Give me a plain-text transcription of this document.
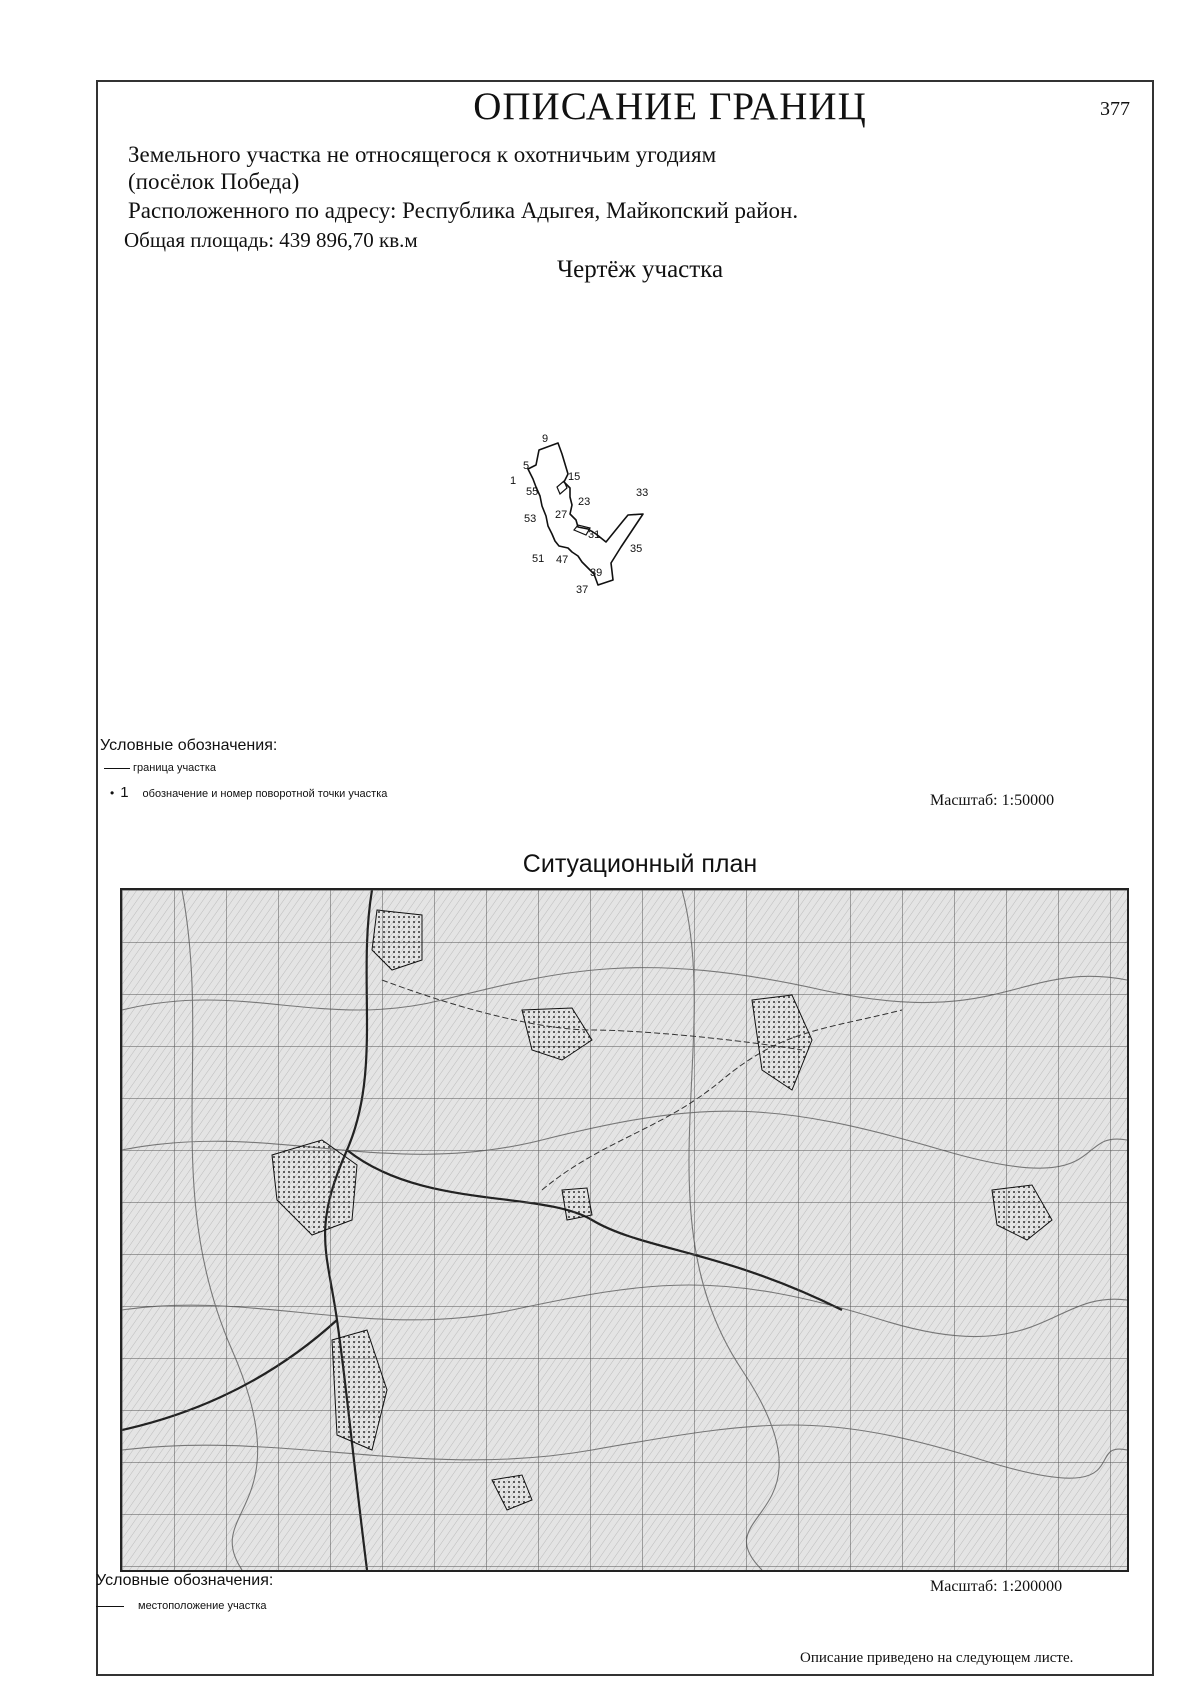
ОПИСАНИЕ ГРАНИЦ	377
Земельного участка не относящегося к охотничьим угодиям
(посёлок Победа)
Расположенного по адресу: Республика Адыгея, Майкопский район.
Общая площадь: 439 896,70 кв.м
Чертёж участка
9
5
1
55
15
23
33
27
53
31
35
51 47
39
37
Условные обозначения:
граница участка
• 1 обозначение и номер поворотной точки участка	Масштаб: 1:50000
Ситуационный план
Условные обозначения:
местоположение участка
Масштаб: 1:200000
Описание приведено на следующем листе.
